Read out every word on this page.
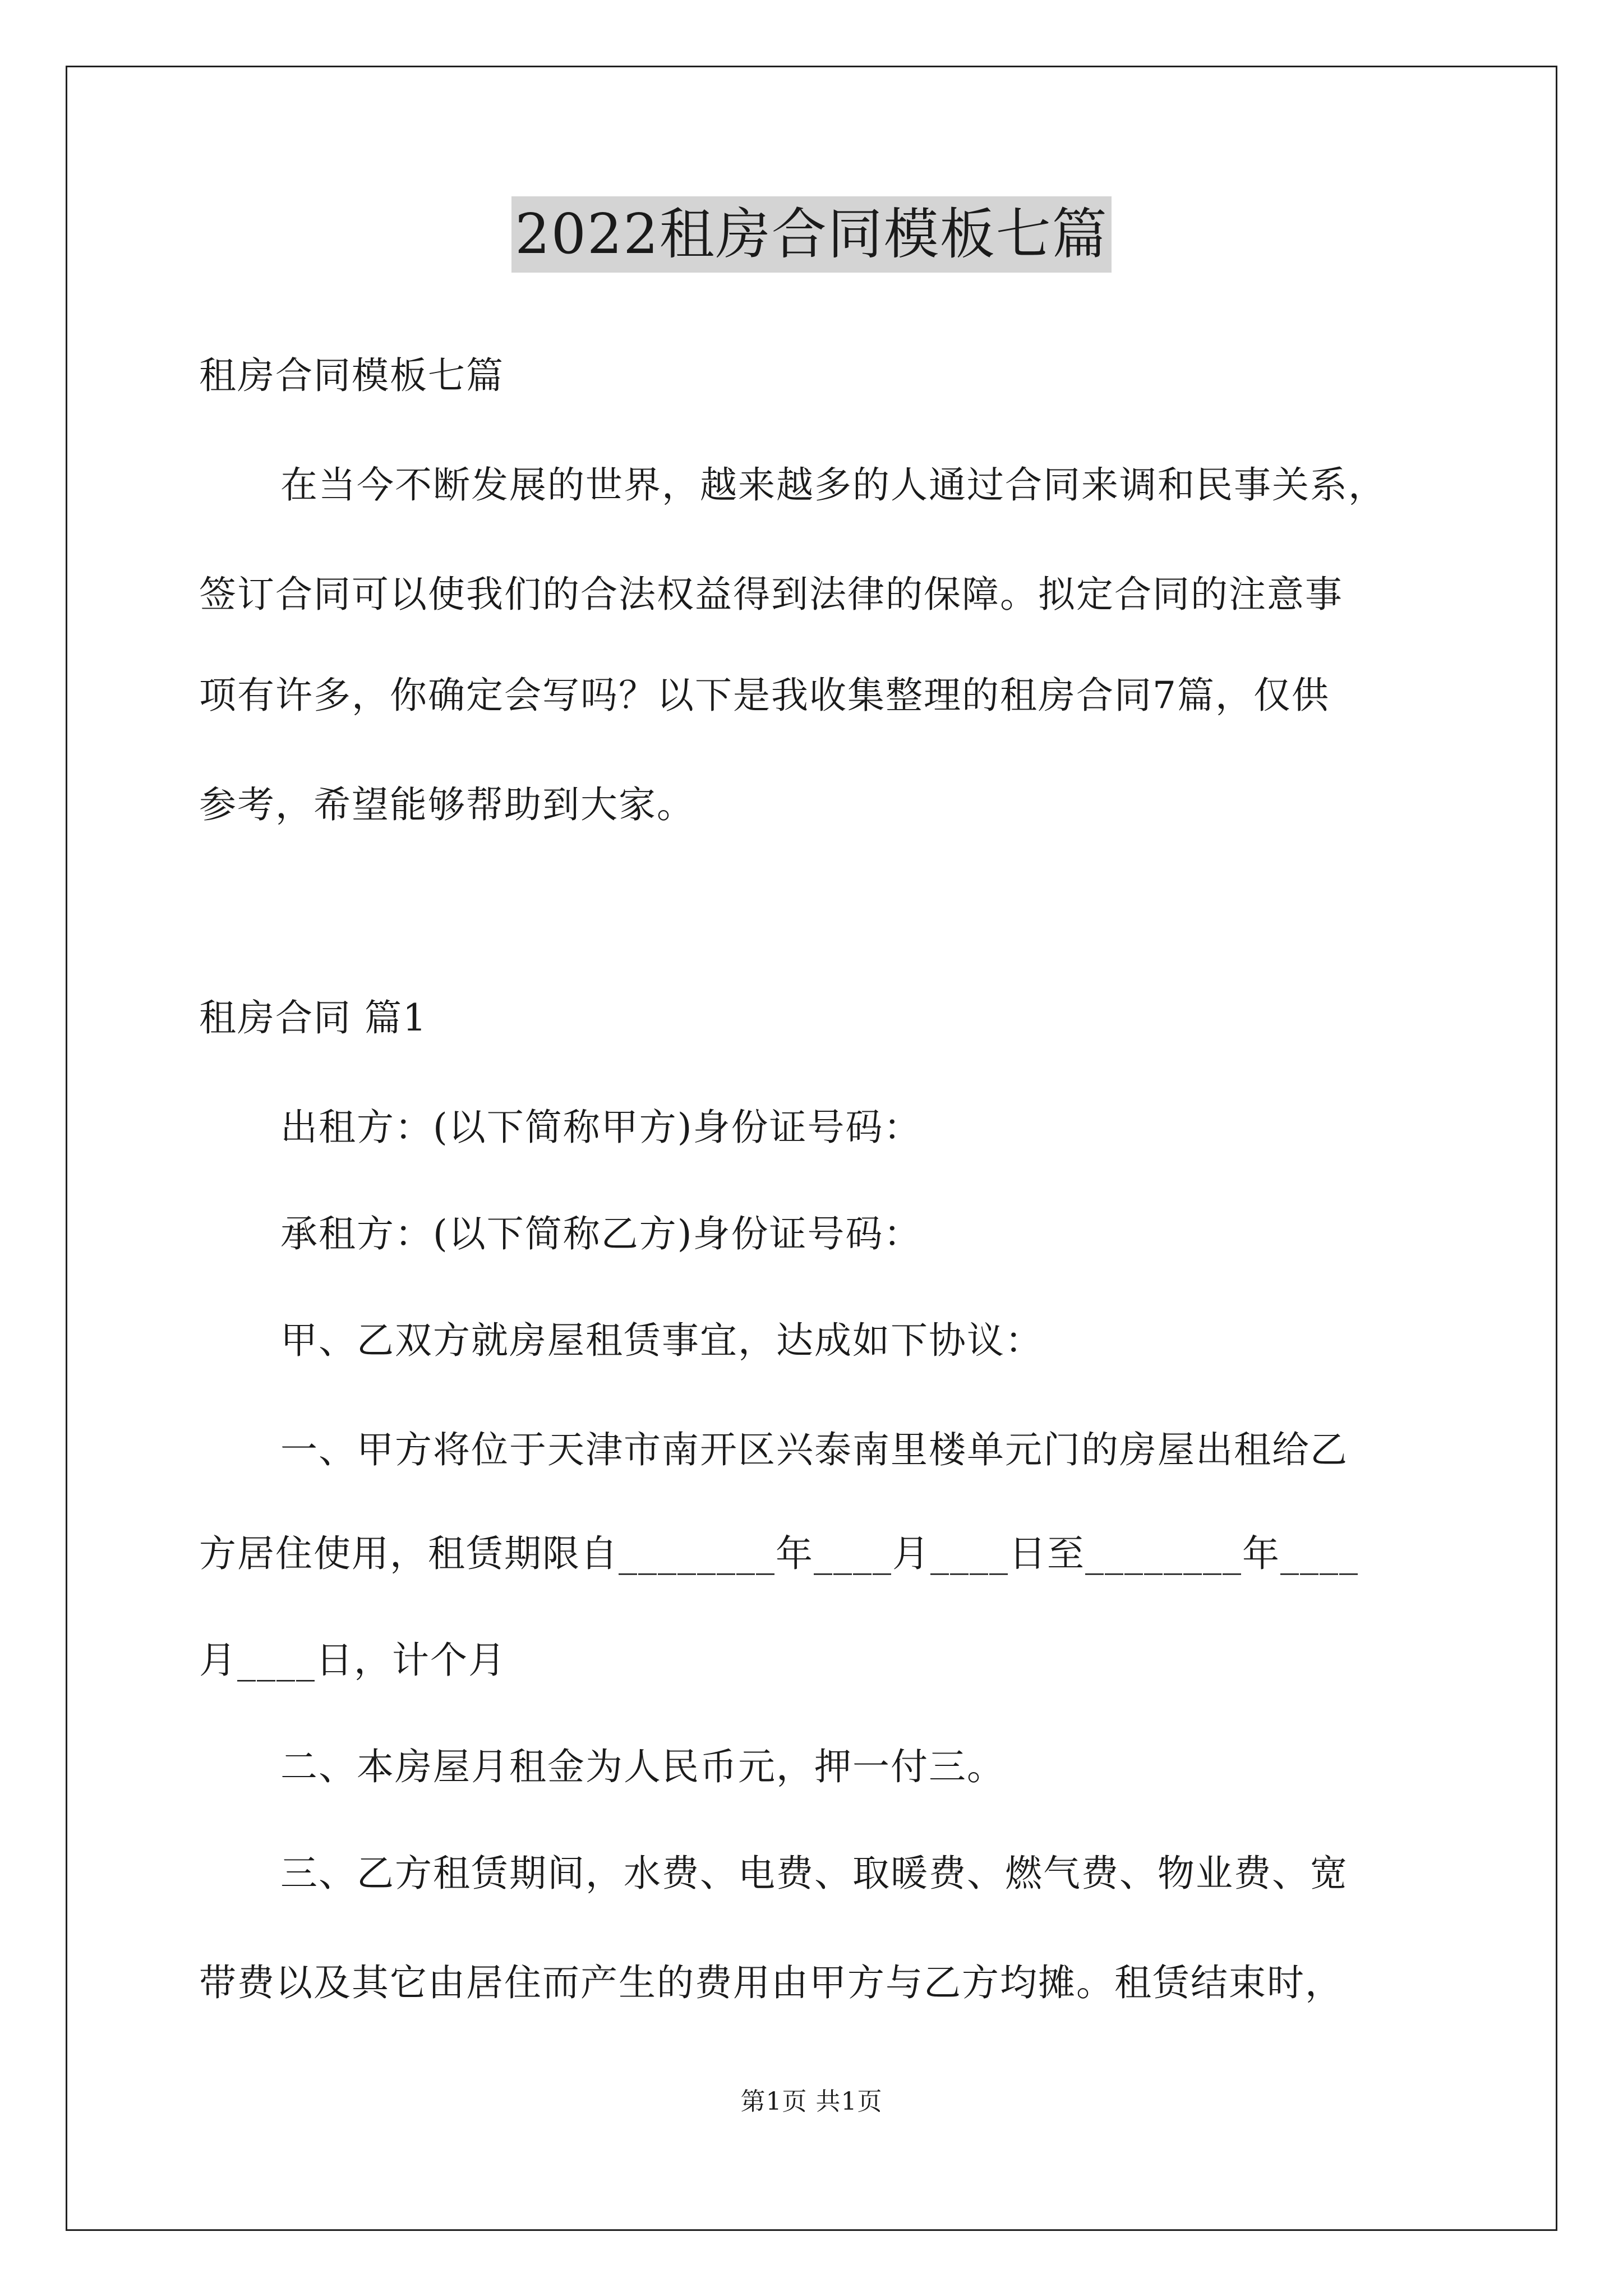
2022租房合同模板七篇
租房合同模板七篇
在当今不断发展的世界，越来越多的人通过合同来调和民事关系，
签订合同可以使我们的合法权益得到法律的保障。拟定合同的注意事
项有许多，你确定会写吗？以下是我收集整理的租房合同7篇，仅供
参考，希望能够帮助到大家。
租房合同 篇1
出租方：(以下简称甲方)身份证号码：
承租方：(以下简称乙方)身份证号码：
甲、乙双方就房屋租赁事宜，达成如下协议：
一、甲方将位于天津市南开区兴泰南里楼单元门的房屋出租给乙
方居住使用，租赁期限自________年____月____日至________年____
月____日，计个月
二、本房屋月租金为人民币元，押一付三。
三、乙方租赁期间，水费、电费、取暖费、燃气费、物业费、宽
带费以及其它由居住而产生的费用由甲方与乙方均摊。租赁结束时，
第1页 共1页
